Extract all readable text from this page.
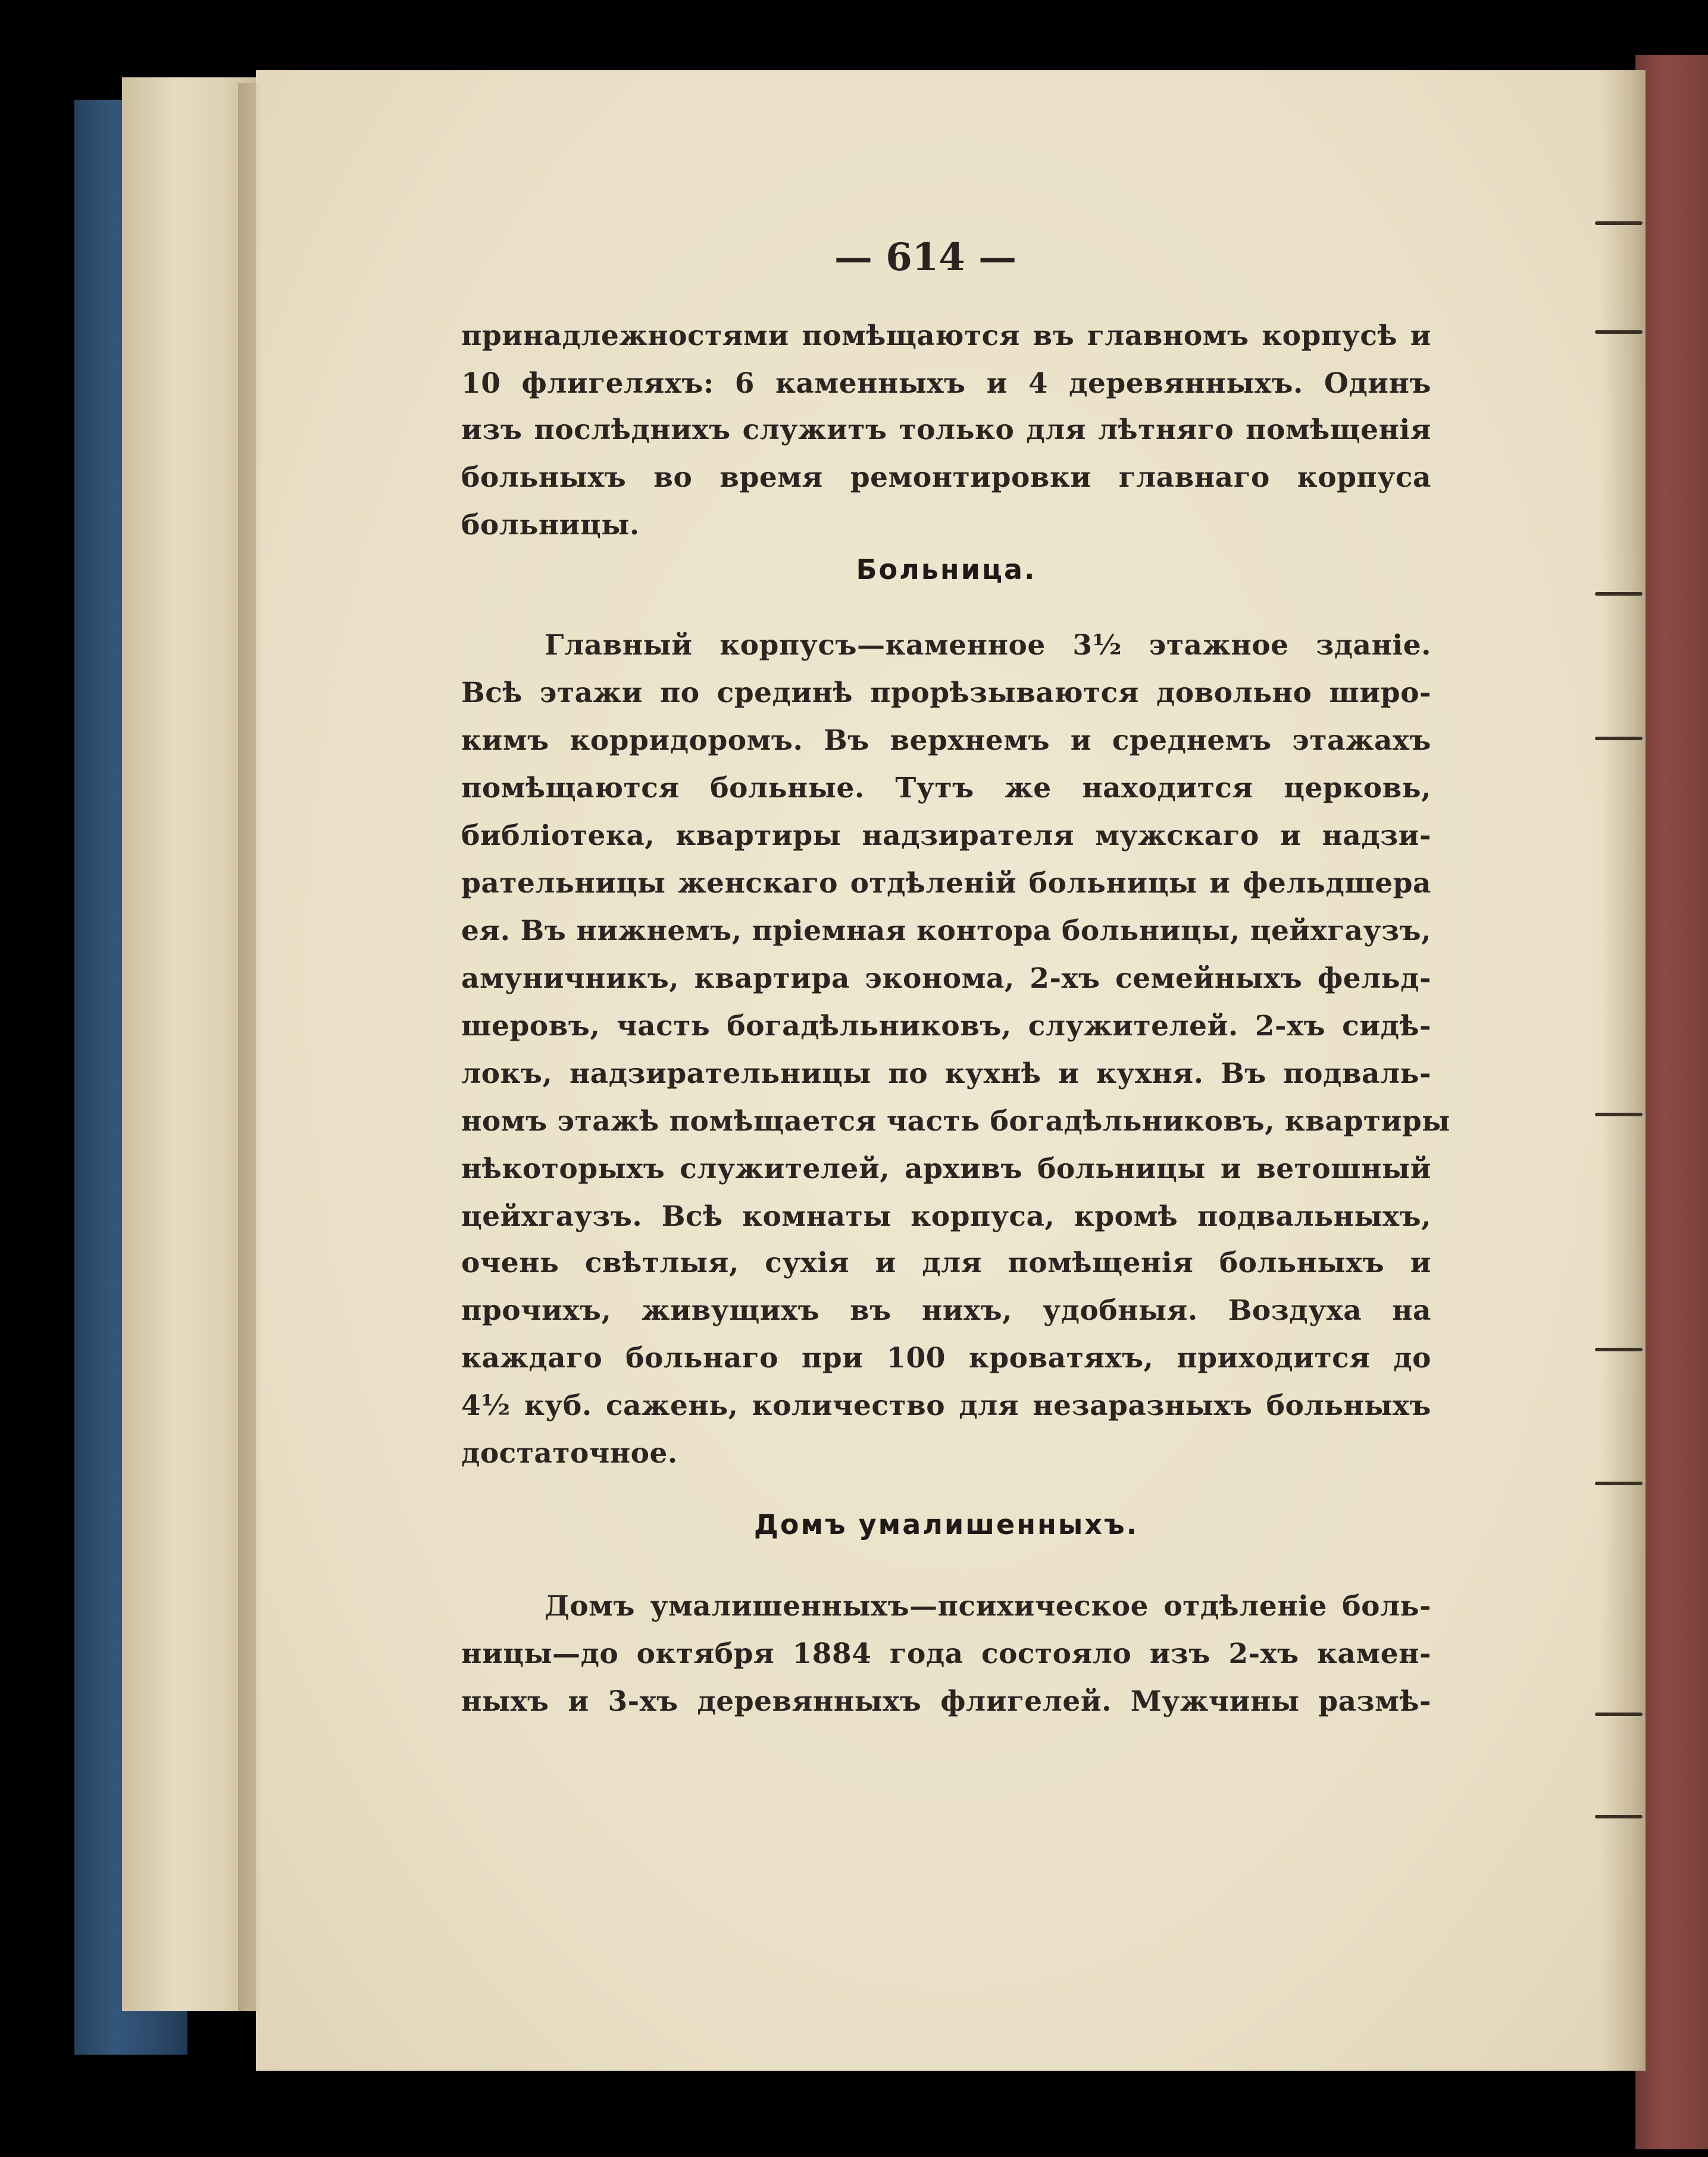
— 614 —
принадлежностями помѣщаются въ главномъ корпусѣ и
10 флигеляхъ: 6 каменныхъ и 4 деревянныхъ. Одинъ
изъ послѣднихъ служитъ только для лѣтняго помѣщенія
больныхъ во время ремонтировки главнаго корпуса
больницы.
Больница.
Главный корпусъ—каменное 3½ этажное зданіе.
Всѣ этажи по срединѣ прорѣзываются довольно широ-
кимъ корридоромъ. Въ верхнемъ и среднемъ этажахъ
помѣщаются больные. Тутъ же находится церковь,
библіотека, квартиры надзирателя мужскаго и надзи-
рательницы женскаго отдѣленій больницы и фельдшера
ея. Въ нижнемъ, пріемная контора больницы, цейхгаузъ,
амуничникъ, квартира эконома, 2-хъ семейныхъ фельд-
шеровъ, часть богадѣльниковъ, служителей. 2-хъ сидѣ-
локъ, надзирательницы по кухнѣ и кухня. Въ подваль-
номъ этажѣ помѣщается часть богадѣльниковъ, квартиры
нѣкоторыхъ служителей, архивъ больницы и ветошный
цейхгаузъ. Всѣ комнаты корпуса, кромѣ подвальныхъ,
очень свѣтлыя, сухія и для помѣщенія больныхъ и
прочихъ, живущихъ въ нихъ, удобныя. Воздуха на
каждаго больнаго при 100 кроватяхъ, приходится до
4½ куб. сажень, количество для незаразныхъ больныхъ
достаточное.
Домъ умалишенныхъ.
Домъ умалишенныхъ—психическое отдѣленіе боль-
ницы—до октября 1884 года состояло изъ 2-хъ камен-
ныхъ и 3-хъ деревянныхъ флигелей. Мужчины размѣ-
